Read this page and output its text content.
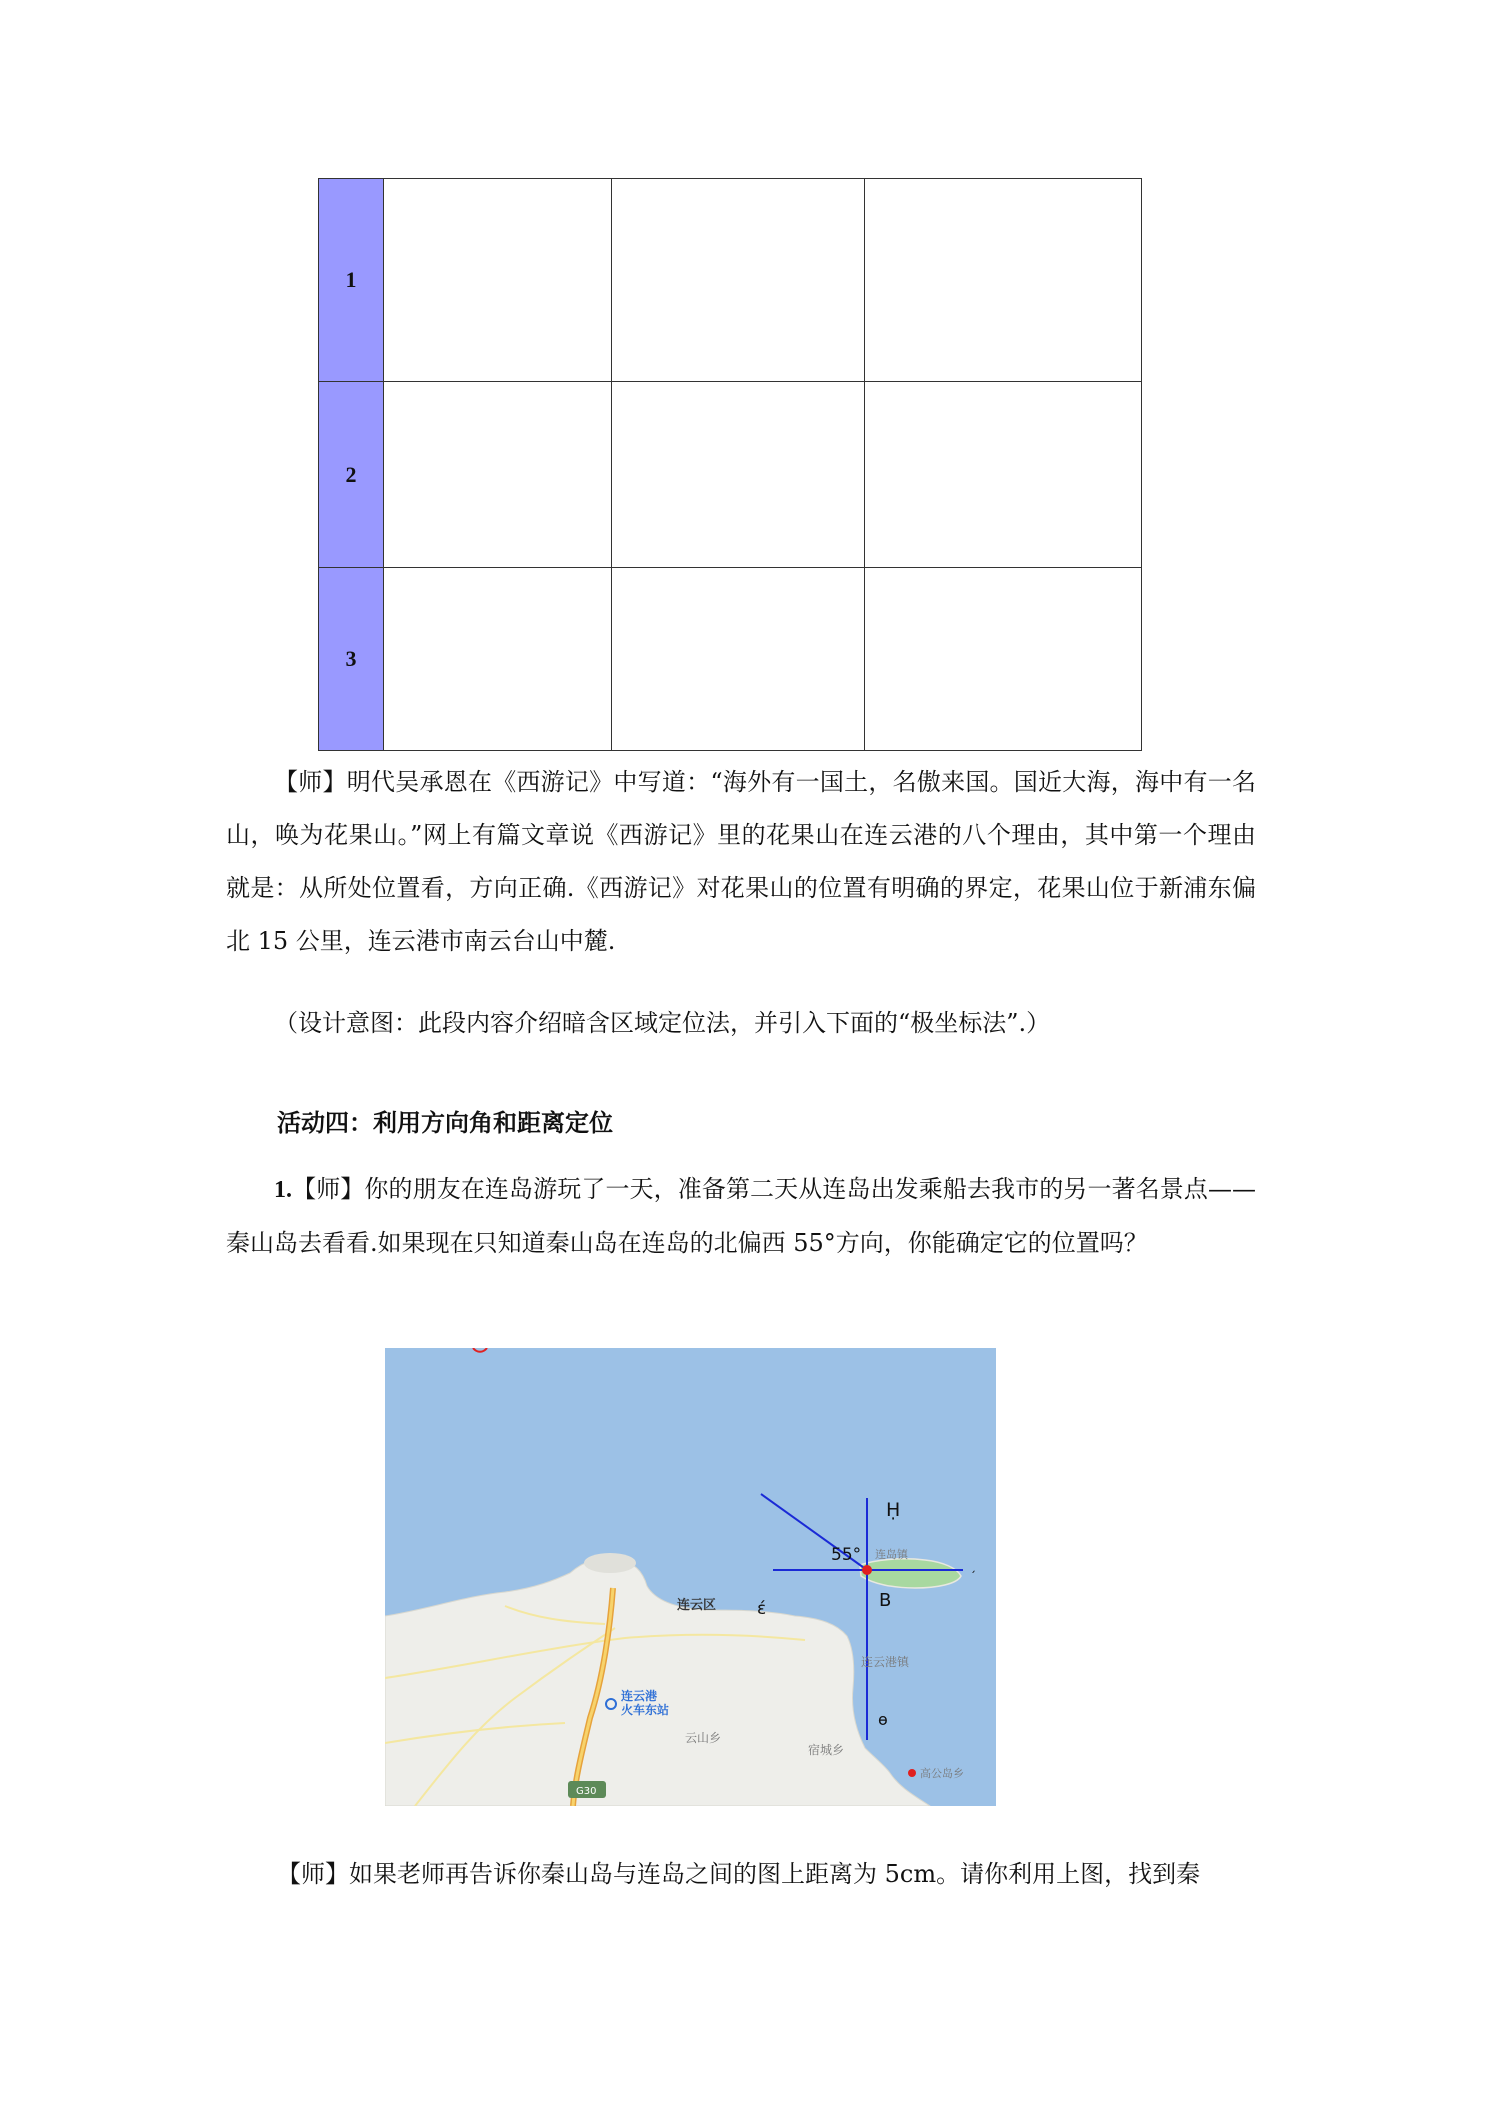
1			
2			
3			
【师】明代吴承恩在《西游记》中写道：“海外有一国土，名傲来国。国近大海，海中有一名山，唤为花果山。”网上有篇文章说《西游记》里的花果山在连云港的八个理由，其中第一个理由就是：从所处位置看，方向正确.《西游记》对花果山的位置有明确的界定，花果山位于新浦东偏北 15 公里，连云港市南云台山中麓.
（设计意图：此段内容介绍暗含区域定位法，并引入下面的“极坐标法”.）
活动四：利用方向角和距离定位
1.【师】你的朋友在连岛游玩了一天，准备第二天从连岛出发乘船去我市的另一著名景点——秦山岛去看看.如果现在只知道秦山岛在连岛的北偏西 55°方向，你能确定它的位置吗？
Ḥ
55°
έ
ˏ
B
ɵ
连云区
连岛镇
连云港镇
云山乡
宿城乡
高公岛乡
连云港
火车东站
G30
【师】如果老师再告诉你秦山岛与连岛之间的图上距离为 5cm。请你利用上图，找到秦
